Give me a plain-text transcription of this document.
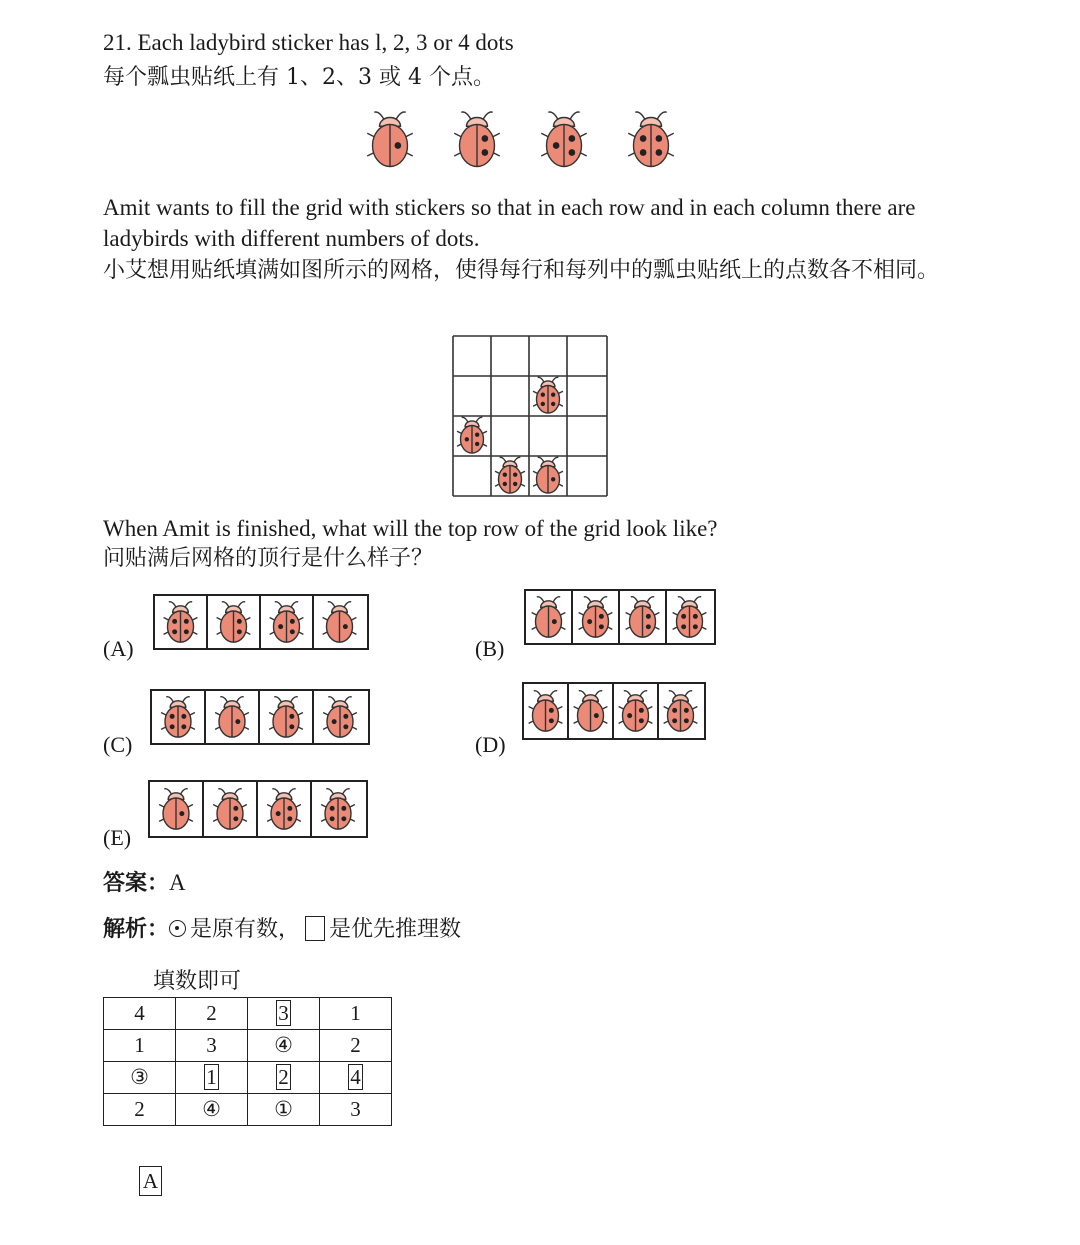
21. Each ladybird sticker has l, 2, 3 or 4 dots
每个瓢虫贴纸上有 1、2、3 或 4 个点。
Amit wants to fill the grid with stickers so that in each row and in each column there are ladybirds with different numbers of dots.
小艾想用贴纸填满如图所示的网格，使得每行和每列中的瓢虫贴纸上的点数各不相同。
When Amit is finished, what will the top row of the grid look like?
问贴满后网格的顶行是什么样子？
(A)	(B)
(C)	(D)
(E)
答案：A
解析： 是原有数， 是优先推理数
填数即可
4	2	3	1
1	3	④	2
③	1	2	4
2	④	①	3
A
